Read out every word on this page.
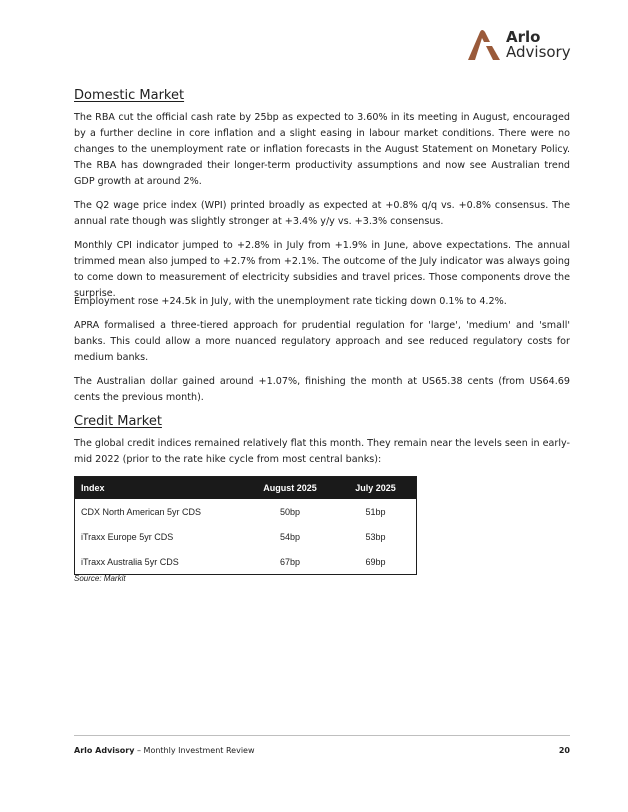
Arlo
Advisory
Domestic Market

The RBA cut the official cash rate by 25bp as expected to 3.60% in its meeting in August, encouraged by a further decline in core inflation and a slight easing in labour market conditions. There were no changes to the unemployment rate or inflation forecasts in the August Statement on Monetary Policy. The RBA has downgraded their longer-term productivity assumptions and now see Australian trend GDP growth at around 2%.

The Q2 wage price index (WPI) printed broadly as expected at +0.8% q/q vs. +0.8% consensus. The annual rate though was slightly stronger at +3.4% y/y vs. +3.3% consensus.

Monthly CPI indicator jumped to +2.8% in July from +1.9% in June, above expectations. The annual trimmed mean also jumped to +2.7% from +2.1%. The outcome of the July indicator was always going to come down to measurement of electricity subsidies and travel prices. Those components drove the surprise.

Employment rose +24.5k in July, with the unemployment rate ticking down 0.1% to 4.2%.

APRA formalised a three-tiered approach for prudential regulation for 'large', 'medium' and 'small' banks. This could allow a more nuanced regulatory approach and see reduced regulatory costs for medium banks.

The Australian dollar gained around +1.07%, finishing the month at US65.38 cents (from US64.69 cents the previous month).

Credit Market

The global credit indices remained relatively flat this month. They remain near the levels seen in early-mid 2022 (prior to the rate hike cycle from most central banks):

Index	August 2025	July 2025
CDX North American 5yr CDS	50bp	51bp
iTraxx Europe 5yr CDS	54bp	53bp
iTraxx Australia 5yr CDS	67bp	69bp
Source: Markit
Arlo Advisory – Monthly Investment Review	20
